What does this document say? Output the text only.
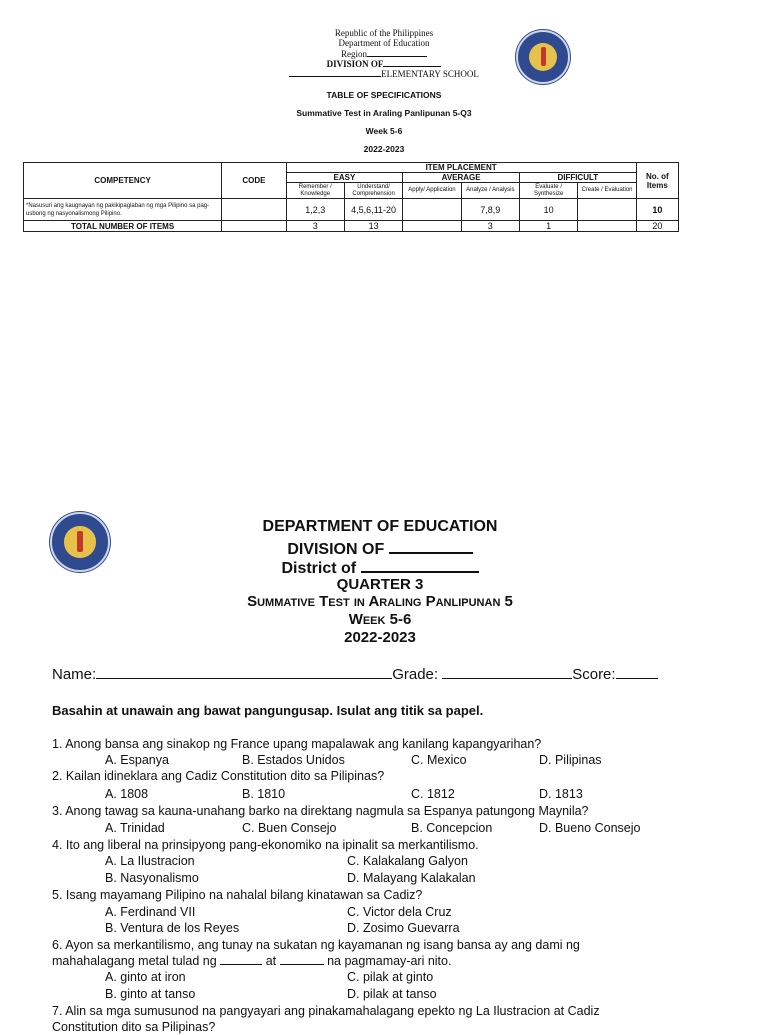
Republic of the Philippines
Department of Education
Region
DIVISION OF
ELEMENTARY SCHOOL
TABLE OF SPECIFICATIONS
Summative Test in Araling Panlipunan 5-Q3
Week 5-6
2022-2023
COMPETENCY	CODE	ITEM PLACEMENT						No. of Items
		EASY		AVERAGE		DIFFICULT		
		Remember / Knowledge	Understand/ Comprehension	Apply/ Application	Analyze / Analysis	Evaluate / Synthesize	Create / Evaluation	
*Nasusuri ang kaugnayan ng pakikipaglaban ng mga Pilipino sa pag-usbong ng nasyonalismong Pilipino.		1,2,3	4,5,6,11-20		7,8,9	10		10
TOTAL NUMBER OF ITEMS		3	13		3	1		20
DEPARTMENT OF EDUCATION
DIVISION OF
District of
QUARTER 3
Summative Test in Araling Panlipunan 5
Week 5-6
2022-2023
Name:	Grade:	Score:
Basahin at unawain ang bawat pangungusap. Isulat ang titik sa papel.
1. Anong bansa ang sinakop ng France upang mapalawak ang kanilang kapangyarihan?
A. Espanya	B. Estados Unidos	C. Mexico	D. Pilipinas
2. Kailan idineklara ang Cadiz Constitution dito sa Pilipinas?
A. 1808	B. 1810	C. 1812	D. 1813
3. Anong tawag sa kauna-unahang barko na direktang nagmula sa Espanya patungong Maynila?
A. Trinidad	C. Buen Consejo	B. Concepcion	D. Bueno Consejo
4. Ito ang liberal na prinsipyong pang-ekonomiko na ipinalit sa merkantilismo.
A. La Ilustracion	C. Kalakalang Galyon
B. Nasyonalismo	D. Malayang Kalakalan
5. Isang mayamang Pilipino na nahalal bilang kinatawan sa Cadiz?
A. Ferdinand VII	C. Victor dela Cruz
B. Ventura de los Reyes	D. Zosimo Guevarra
6. Ayon sa merkantilismo, ang tunay na sukatan ng kayamanan ng isang bansa ay ang dami ng
mahahalagang metal tulad ng	at	na pagmamay-ari nito.
A. ginto at iron	C. pilak at ginto
B. ginto at tanso	D. pilak at tanso
7. Alin sa mga sumusunod na pangyayari ang pinakamahalagang epekto ng La Ilustracion at Cadiz
Constitution dito sa Pilipinas?
